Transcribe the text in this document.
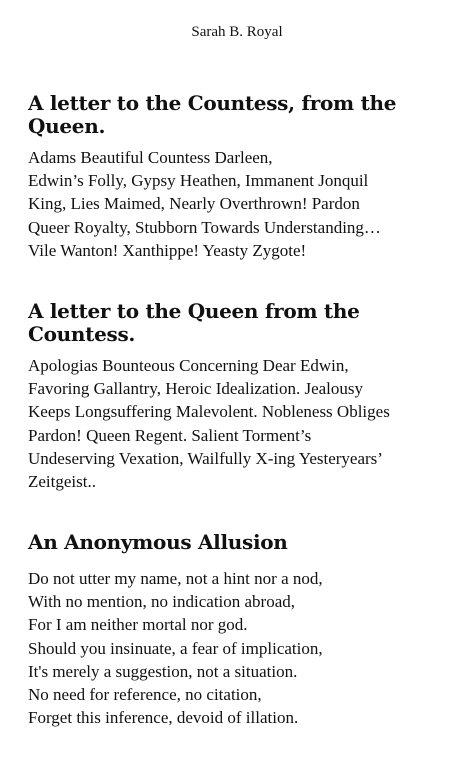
Sarah B. Royal
A letter to the Countess, from the
Queen.

Adams Beautiful Countess Darleen,
Edwin’s Folly, Gypsy Heathen, Immanent Jonquil
King, Lies Maimed, Nearly Overthrown! Pardon
Queer Royalty, Stubborn Towards Understanding…
Vile Wanton! Xanthippe! Yeasty Zygote!

A letter to the Queen from the
Countess.

Apologias Bounteous Concerning Dear Edwin,
Favoring Gallantry, Heroic Idealization. Jealousy
Keeps Longsuffering Malevolent. Nobleness Obliges
Pardon! Queen Regent. Salient Torment’s
Undeserving Vexation, Wailfully X-ing Yesteryears’
Zeitgeist..

An Anonymous Allusion

Do not utter my name, not a hint nor a nod,
With no mention, no indication abroad,
For I am neither mortal nor god.
Should you insinuate, a fear of implication,
It's merely a suggestion, not a situation.
No need for reference, no citation,
Forget this inference, devoid of illation.
